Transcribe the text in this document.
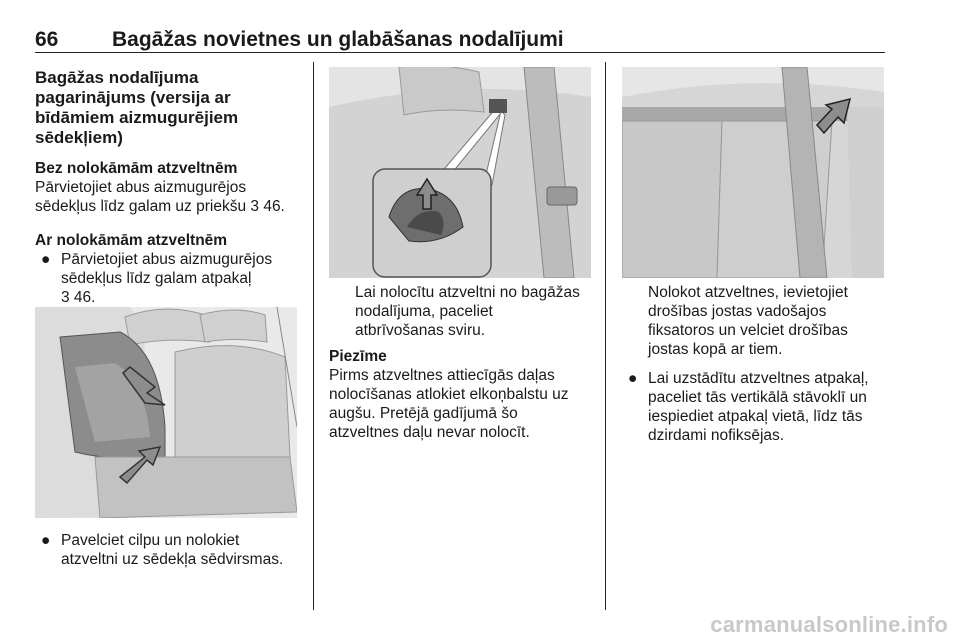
66	Bagāžas novietnes un glabāšanas nodalījumi
Bagāžas nodalījuma
pagarinājums (versija ar
bīdāmiem aizmugurējiem
sēdekļiem)
Bez nolokāmām atzveltnēm

Pārvietojiet abus aizmugurējos
sēdekļus līdz galam uz priekšu 3 46.

Ar nolokāmām atzveltnēm
● Pārvietojiet abus aizmugurējos
sēdekļus līdz galam atpakaļ
3 46.
● Pavelciet cilpu un nolokiet
atzveltni uz sēdekļa sēdvirsmas.

Lai nolocītu atzveltni no bagāžas
nodalījuma, paceliet
atbrīvošanas sviru.

Piezīme

Pirms atzveltnes attiecīgās daļas
nolocīšanas atlokiet elkoņbalstu uz
augšu. Pretējā gadījumā šo
atzveltnes daļu nevar nolocīt.

Nolokot atzveltnes, ievietojiet
drošības jostas vadošajos
fiksatoros un velciet drošības
jostas kopā ar tiem.

● Lai uzstādītu atzveltnes atpakaļ,
paceliet tās vertikālā stāvoklī un
iespiediet atpakaļ vietā, līdz tās
dzirdami nofiksējas.
carmanualsonline.info
